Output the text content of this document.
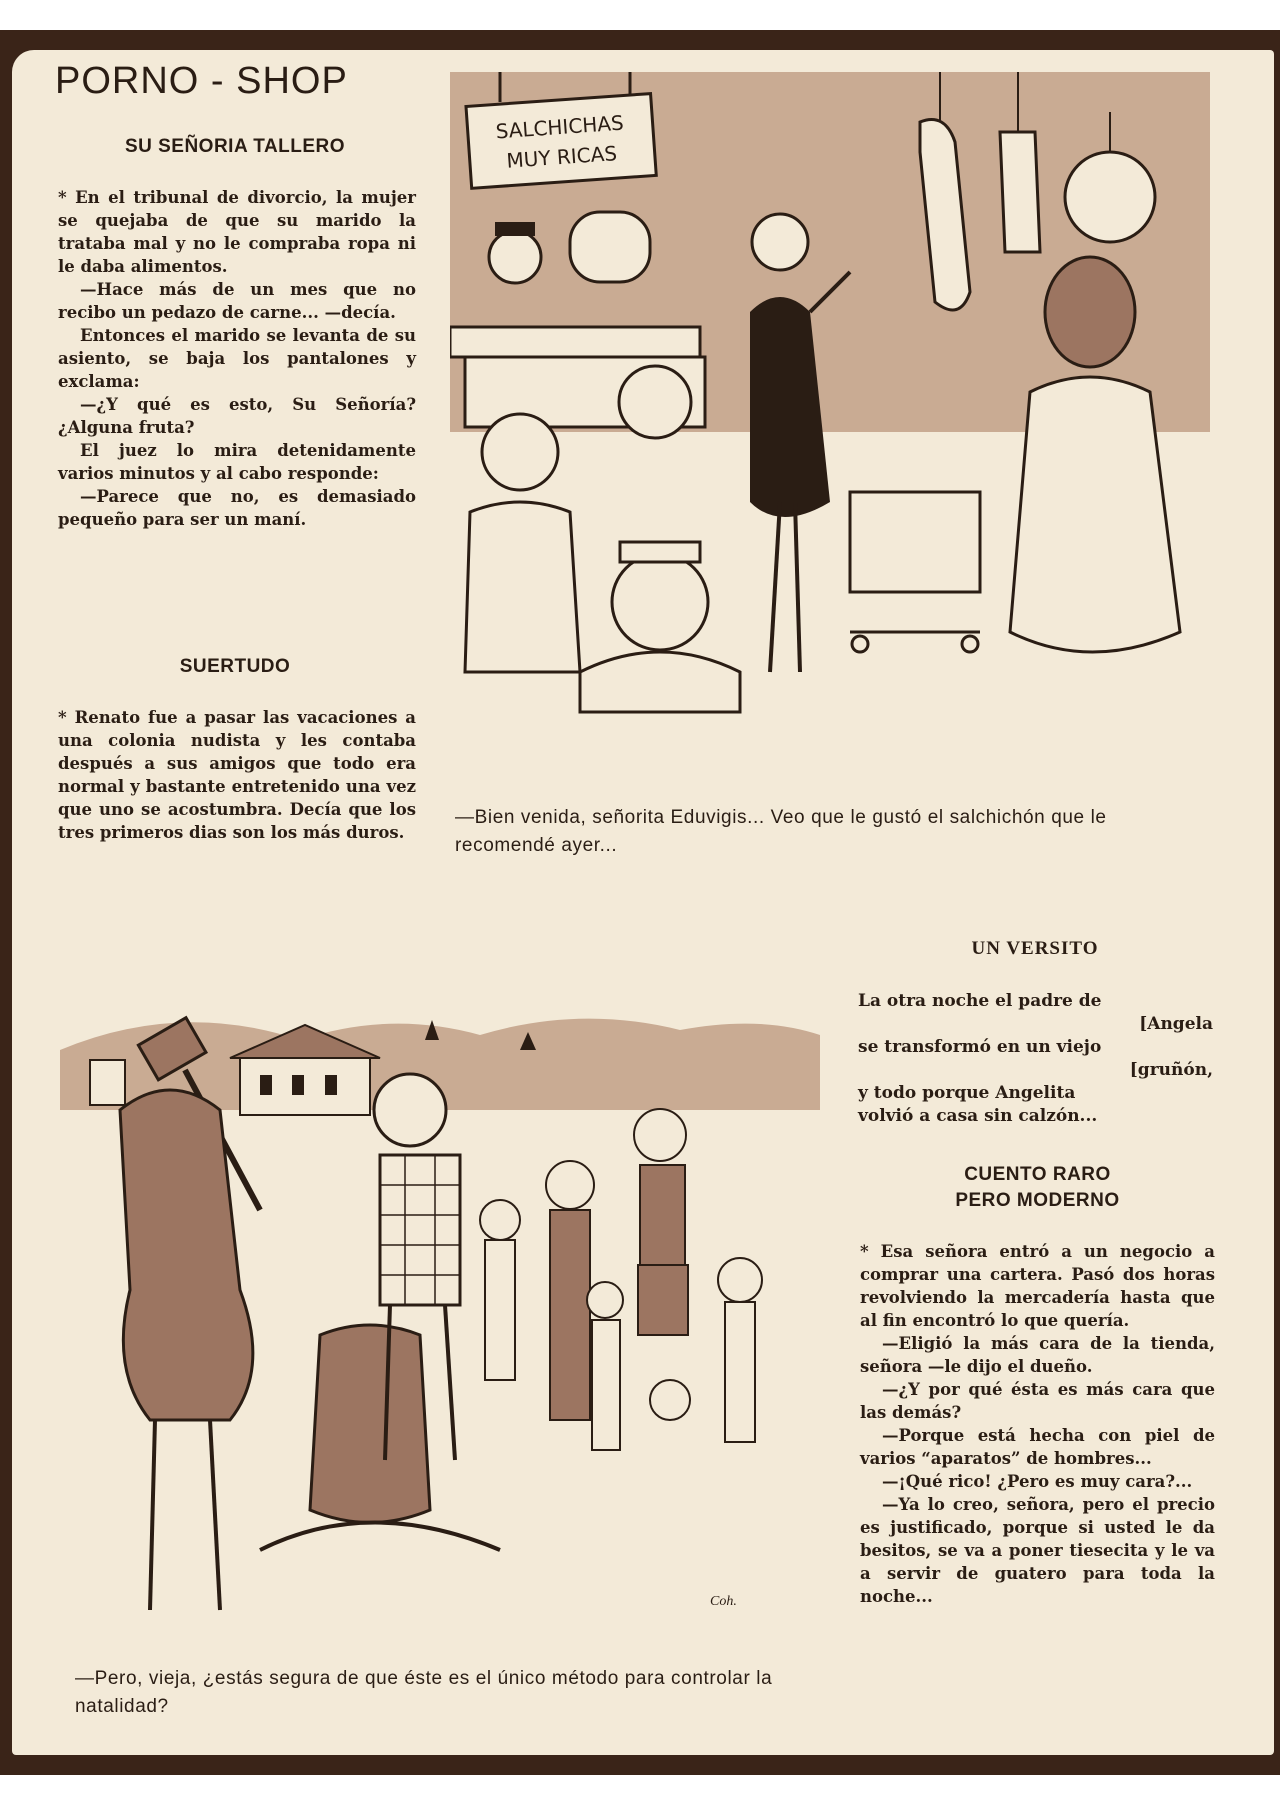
PORNO - SHOP
SU SEÑORIA TALLERO

* En el tribunal de divorcio, la mujer se quejaba de que su marido la trataba mal y no le compraba ropa ni le daba alimentos.

—Hace más de un mes que no recibo un pedazo de carne... —decía.

Entonces el marido se levanta de su asiento, se baja los pantalones y exclama:

—¿Y qué es esto, Su Señoría? ¿Alguna fruta?

El juez lo mira detenidamente varios minutos y al cabo responde:

—Parece que no, es demasiado pequeño para ser un maní.

SUERTUDO

* Renato fue a pasar las vacaciones a una colonia nudista y les contaba después a sus amigos que todo era normal y bastante entretenido una vez que uno se acostumbra. Decía que los tres primeros dias son los más duros.

SALCHICHAS
MUY RICAS
—Bien venida, señorita Eduvigis... Veo que le gustó el salchichón que le recomendé ayer...
UN VERSITO
La otra noche el padre de
[Angela
se transformó en un viejo
[gruñón,
y todo porque Angelita
volvió a casa sin calzón...
CUENTO RARO
PERO MODERNO

* Esa señora entró a un negocio a comprar una cartera. Pasó dos horas revolviendo la mercadería hasta que al fin encontró lo que quería.

—Eligió la más cara de la tienda, señora —le dijo el dueño.

—¿Y por qué ésta es más cara que las demás?

—Porque está hecha con piel de varios “aparatos” de hombres...

—¡Qué rico! ¿Pero es muy cara?...

—Ya lo creo, señora, pero el precio es justificado, porque si usted le da besitos, se va a poner tiesecita y le va a servir de guatero para toda la noche...

Coh.
—Pero, vieja, ¿estás segura de que éste es el único método para controlar la natalidad?
